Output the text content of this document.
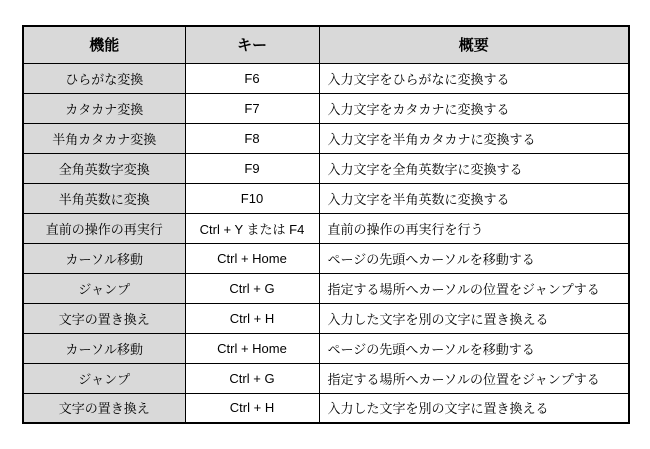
機能	キー	概要
ひらがな変換	F6	入力文字をひらがなに変換する
カタカナ変換	F7	入力文字をカタカナに変換する
半角カタカナ変換	F8	入力文字を半角カタカナに変換する
全角英数字変換	F9	入力文字を全角英数字に変換する
半角英数に変換	F10	入力文字を半角英数に変換する
直前の操作の再実行	Ctrl + Y または F4	直前の操作の再実行を行う
カーソル移動	Ctrl + Home	ページの先頭へカーソルを移動する
ジャンプ	Ctrl + G	指定する場所へカーソルの位置をジャンプする
文字の置き換え	Ctrl + H	入力した文字を別の文字に置き換える
カーソル移動	Ctrl + Home	ページの先頭へカーソルを移動する
ジャンプ	Ctrl + G	指定する場所へカーソルの位置をジャンプする
文字の置き換え	Ctrl + H	入力した文字を別の文字に置き換える
